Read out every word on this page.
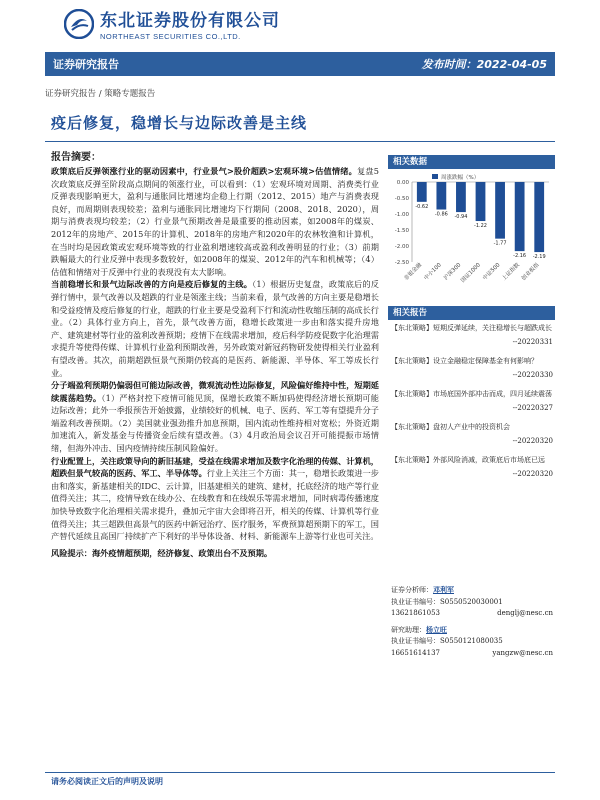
东北证券股份有限公司
NORTHEAST SECURITIES CO.,LTD.
证券研究报告	发布时间：2022-04-05
证券研究报告 / 策略专题报告
疫后修复，稳增长与边际改善是主线
报告摘要：

政策底后反弹领涨行业的驱动因素中，行业景气>股价超跌>宏观环境>估值情绪。复盘5次政策底反弹至阶段高点期间的领涨行业，可以看到：（1）宏观环境对周期、消费类行业反弹表现影响更大，盈利与通胀同比增速均企稳上行期（2012、2015）地产与消费表现良好，而周期则表现较差；盈利与通胀同比增速均下行期间（2008、2018、2020），周期与消费表现均较差；（2）行业景气预期改善是最重要的推动因素，如2008年的煤炭、2012年的房地产、2015年的计算机、2018年的房地产和2020年的农林牧渔和计算机，在当时均是因政策或宏观环境等致的行业盈利增速较高或盈利改善明显的行业；（3）前期跌幅最大的行业反弹中表现多数较好，如2008年的煤炭、2012年的汽车和机械等；（4）估值和情绪对于反弹中行业的表现没有太大影响。

当前稳增长和景气边际改善的方向是疫后修复的主线。（1）根据历史复盘，政策底后的反弹行情中，景气改善以及超跌的行业是领涨主线；当前来看，景气改善的方向主要是稳增长和受益疫情及疫后修复的行业，超跌的行业主要是受盈利下行和流动性收缩压制的高成长行业。（2）具体行业方向上，首先，景气改善方面，稳增长政策进一步由和落实提升房地产、建筑建材等行业的盈利改善预期；疫情下在线需求增加，疫后科学防疫促数字化治理需求提升等使得传媒、计算机行业盈利预期改善，另外政策对新冠药物研发使得相关行业盈利有望改善。其次，前期超跌恒景气预期仍较高的是医药、新能源、半导体、军工等成长行业。

分子端盈利预期仍偏弱但可能边际改善，微观流动性边际修复，风险偏好维持中性，短期延续震荡趋势。（1）严格封控下疫情可能见顶，保增长政策不断加码使得经济增长预期可能边际改善；此外一季报预告开始披露，业绩较好的机械、电子、医药、军工等有望提升分子端盈利改善预期。（2）美国就业强劲推升加息预期，国内流动性维持相对宽松；外资近期加速流入，新发基金与传播资金后续有望改善。（3）4月政治局会议召开可能提振市场情绪，但海外冲击、国内疫情持续压制风险偏好。

行业配置上，关注政策导向的新旧基建，受益在线需求增加及数字化治理的传媒、计算机，超跌但景气较高的医药、军工、半导体等。行业上关注三个方面：其一，稳增长政策进一步由和落实，新基建相关的IDC、云计算，旧基建相关的建筑、建材，托底经济的地产等行业值得关注；其二，疫情导致在线办公、在线教育和在线娱乐等需求增加，同时病毒传播速度加快导致数字化治理相关需求提升，叠加元宇宙大会即将召开，相关的传媒、计算机等行业值得关注；其三超跌但高景气的医药中新冠治疗、医疗服务，军费预算超预期下的军工，国产替代延续且高国厂持续扩产下利好的半导体设备、材料、新能源车上游等行业也可关注。

风险提示：海外疫情超预期，经济修复、政策出台不及预期。

相关数据
周涨跌幅（%）
0.00
-0.50
-1.00
-1.50
-2.00
-2.50
-0.62
非银金融
-0.86
中小100
-0.94
沪深300
-1.22
国证1000
-1.77
中证500
-2.16
上证指数
-2.19
创业板指
相关报告
【东北策略】短期反弹延续，关注稳增长与超跌成长
--20220331
【东北策略】设立金融稳定保障基金有何影响？
--20220330
【东北策略】市场底国外部冲击而成，四月延续震荡
--20220327
【东北策略】盘初人产业中的投资机会
--20220320
【东北策略】外部风险消减，政策底后市场底已远
--20220320
证券分析师：邓利军
执业证书编号：S0550520030001
13621861053	denglj@nesc.cn
研究助理：杨立旺
执业证书编号：S0550121080035
16651614137	yangzw@nesc.cn
请务必阅读正文后的声明及说明
